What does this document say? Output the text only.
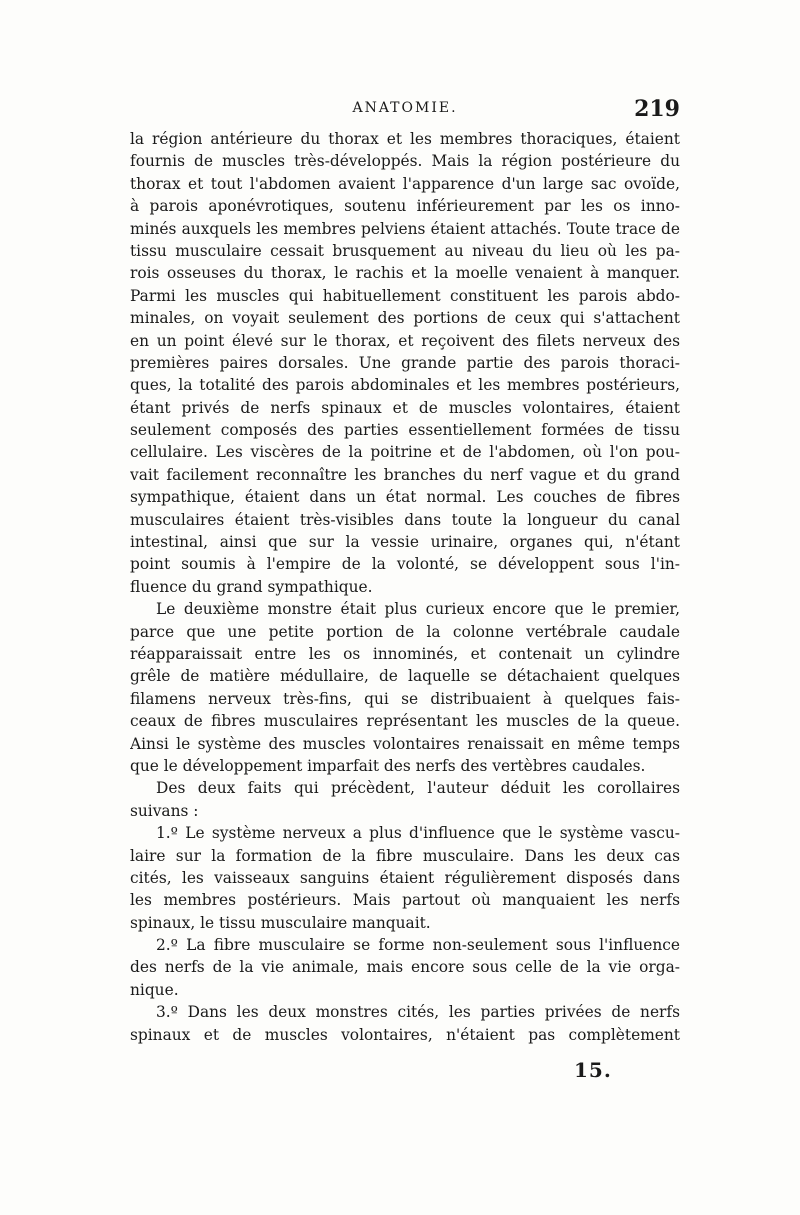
ANATOMIE.	219
la région antérieure du thorax et les membres thoraciques, étaient
fournis de muscles très-développés. Mais la région postérieure du
thorax et tout l'abdomen avaient l'apparence d'un large sac ovoïde,
à parois aponévrotiques, soutenu inférieurement par les os inno-
minés auxquels les membres pelviens étaient attachés. Toute trace de
tissu musculaire cessait brusquement au niveau du lieu où les pa-
rois osseuses du thorax, le rachis et la moelle venaient à manquer.
Parmi les muscles qui habituellement constituent les parois abdo-
minales, on voyait seulement des portions de ceux qui s'attachent
en un point élevé sur le thorax, et reçoivent des filets nerveux des
premières paires dorsales. Une grande partie des parois thoraci-
ques, la totalité des parois abdominales et les membres postérieurs,
étant privés de nerfs spinaux et de muscles volontaires, étaient
seulement composés des parties essentiellement formées de tissu
cellulaire. Les viscères de la poitrine et de l'abdomen, où l'on pou-
vait facilement reconnaître les branches du nerf vague et du grand
sympathique, étaient dans un état normal. Les couches de fibres
musculaires étaient très-visibles dans toute la longueur du canal
intestinal, ainsi que sur la vessie urinaire, organes qui, n'étant
point soumis à l'empire de la volonté, se développent sous l'in-
fluence du grand sympathique.
Le deuxième monstre était plus curieux encore que le premier,
parce que une petite portion de la colonne vertébrale caudale
réapparaissait entre les os innominés, et contenait un cylindre
grêle de matière médullaire, de laquelle se détachaient quelques
filamens nerveux très-fins, qui se distribuaient à quelques fais-
ceaux de fibres musculaires représentant les muscles de la queue.
Ainsi le système des muscles volontaires renaissait en même temps
que le développement imparfait des nerfs des vertèbres caudales.
Des deux faits qui précèdent, l'auteur déduit les corollaires
suivans :
1.º Le système nerveux a plus d'influence que le système vascu-
laire sur la formation de la fibre musculaire. Dans les deux cas
cités, les vaisseaux sanguins étaient régulièrement disposés dans
les membres postérieurs. Mais partout où manquaient les nerfs
spinaux, le tissu musculaire manquait.
2.º La fibre musculaire se forme non-seulement sous l'influence
des nerfs de la vie animale, mais encore sous celle de la vie orga-
nique.
3.º Dans les deux monstres cités, les parties privées de nerfs
spinaux et de muscles volontaires, n'étaient pas complètement
15.
